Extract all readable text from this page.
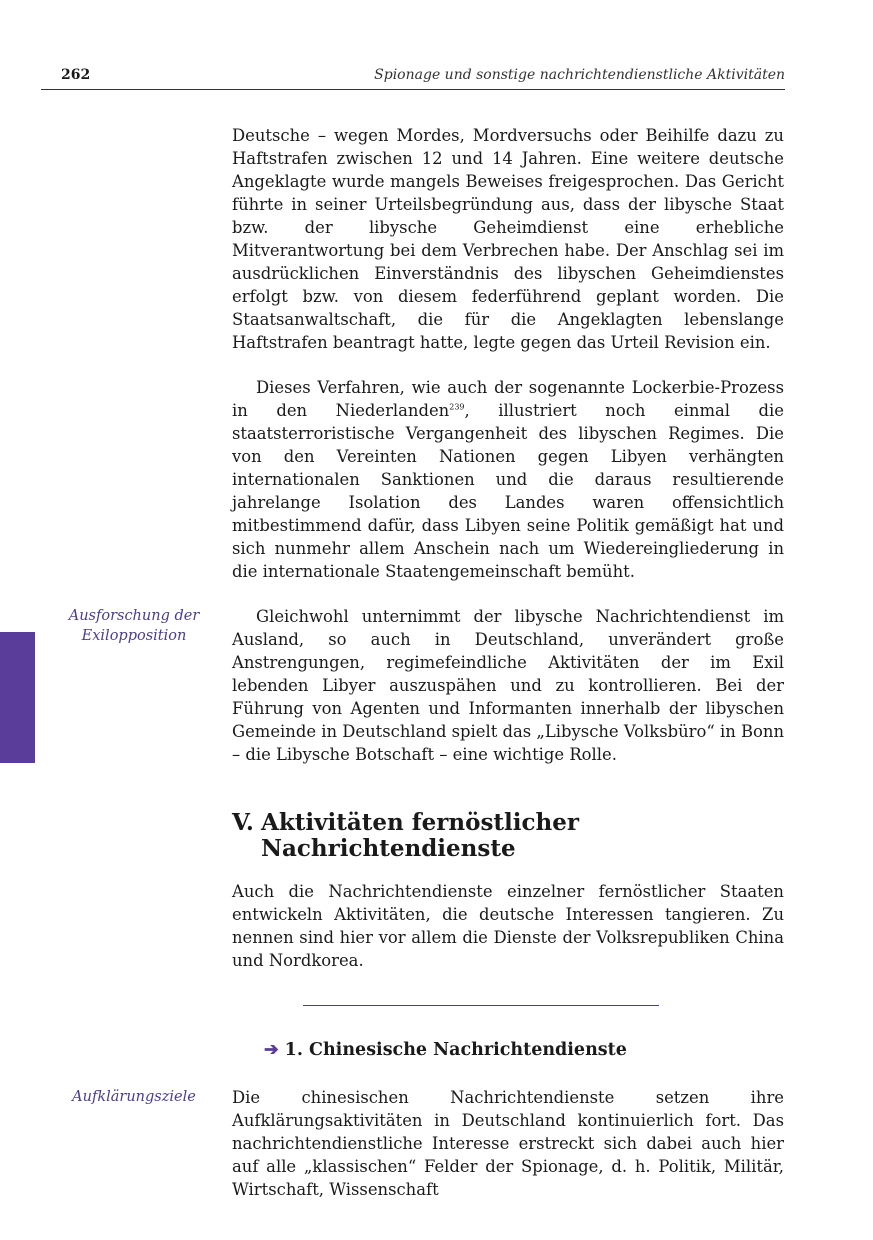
262	Spionage und sonstige nachrichtendienstliche Aktivitäten

Deutsche – wegen Mordes, Mordversuchs oder Beihilfe dazu zu Haftstrafen zwischen 12 und 14 Jahren. Eine weitere deutsche Angeklagte wurde mangels Beweises freigesprochen. Das Gericht führte in seiner Urteilsbegründung aus, dass der libysche Staat bzw. der libysche Geheimdienst eine erhebliche Mitverantwortung bei dem Verbrechen habe. Der Anschlag sei im ausdrücklichen Einverständnis des libyschen Geheimdienstes erfolgt bzw. von diesem federführend geplant worden. Die Staatsanwaltschaft, die für die Angeklagten lebenslange Haftstrafen beantragt hatte, legte gegen das Urteil Revision ein.

Dieses Verfahren, wie auch der sogenannte Lockerbie-Prozess in den Niederlanden$^{239}$, illustriert noch einmal die staatsterroristische Vergangenheit des libyschen Regimes. Die von den Vereinten Nationen gegen Libyen verhängten internationalen Sanktionen und die daraus resultierende jahrelange Isolation des Landes waren offensichtlich mitbestimmend dafür, dass Libyen seine Politik gemäßigt hat und sich nunmehr allem Anschein nach um Wiedereingliederung in die internationale Staatengemeinschaft bemüht.

Ausforschung der Exilopposition

Gleichwohl unternimmt der libysche Nachrichtendienst im Ausland, so auch in Deutschland, unverändert große Anstrengungen, regimefeindliche Aktivitäten der im Exil lebenden Libyer auszuspähen und zu kontrollieren. Bei der Führung von Agenten und Informanten innerhalb der libyschen Gemeinde in Deutschland spielt das „Libysche Volksbüro“ in Bonn – die Libysche Botschaft – eine wichtige Rolle.

V. Aktivitäten fernöstlicher Nachrichtendienste

Auch die Nachrichtendienste einzelner fernöstlicher Staaten entwickeln Aktivitäten, die deutsche Interessen tangieren. Zu nennen sind hier vor allem die Dienste der Volksrepubliken China und Nordkorea.

➔ 1. Chinesische Nachrichtendienste
Aufklärungsziele	Die chinesischen Nachrichtendienste setzen ihre Aufklärungsaktivitäten in Deutschland kontinuierlich fort. Das nachrichtendienstliche Interesse erstreckt sich dabei auch hier auf alle „klassischen“ Felder der Spionage, d. h. Politik, Militär, Wirtschaft, Wissenschaft
